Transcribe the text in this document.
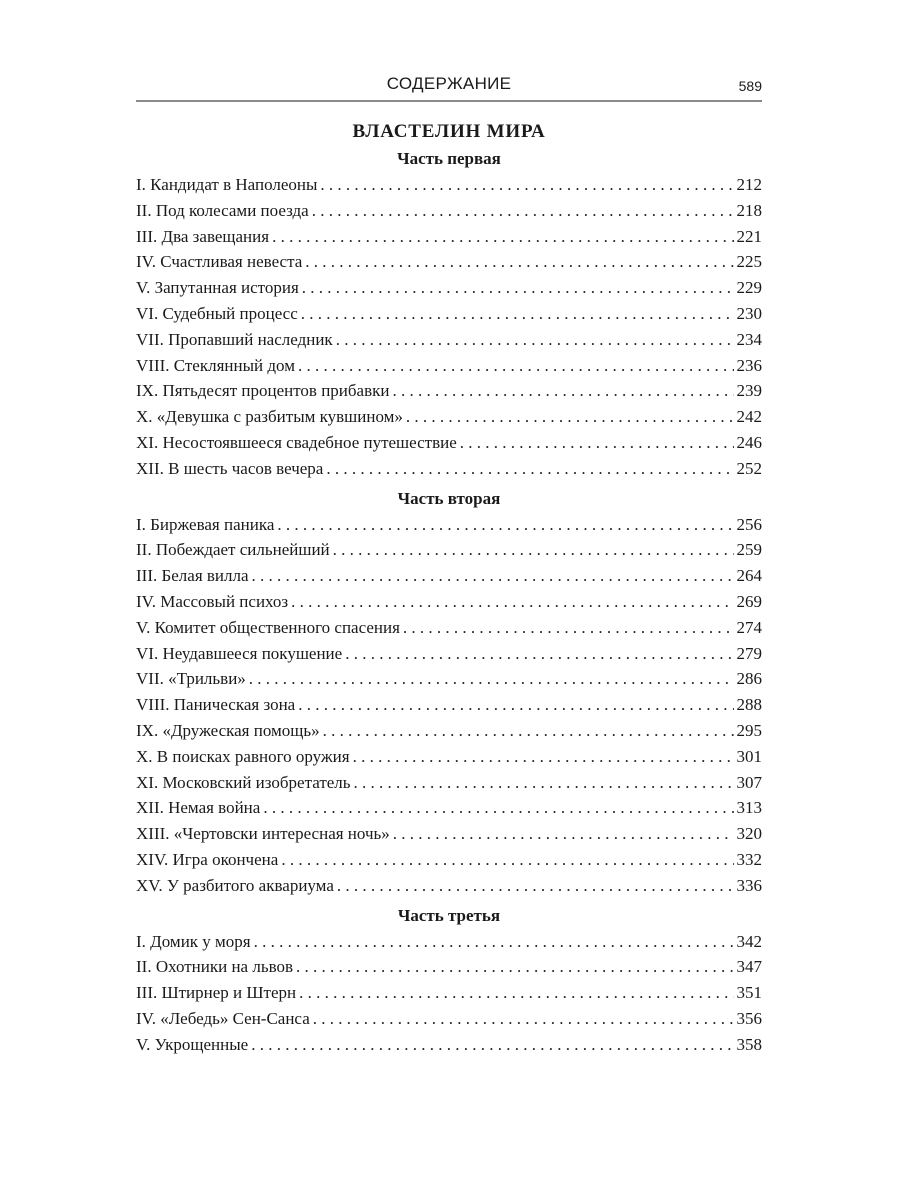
СОДЕРЖАНИЕ	589
ВЛАСТЕЛИН МИРА
Часть первая
I. Кандидат в Наполеоны . . .	212
II. Под колесами поезда . . .	218
III. Два завещания . . .	221
IV. Счастливая невеста . . .	225
V. Запутанная история . . .	229
VI. Судебный процесс . . .	230
VII. Пропавший наследник . . .	234
VIII. Стеклянный дом . . .	236
IX. Пятьдесят процентов прибавки . . .	239
X. «Девушка с разбитым кувшином» . . .	242
XI. Несостоявшееся свадебное путешествие . . .	246
XII. В шесть часов вечера . . .	252
Часть вторая
I. Биржевая паника . . .	256
II. Побеждает сильнейший . . .	259
III. Белая вилла . . .	264
IV. Массовый психоз . . .	269
V. Комитет общественного спасения . . .	274
VI. Неудавшееся покушение . . .	279
VII. «Трильви» . . .	286
VIII. Паническая зона . . .	288
IX. «Дружеская помощь» . . .	295
X. В поисках равного оружия . . .	301
XI. Московский изобретатель . . .	307
XII. Немая война . . .	313
XIII. «Чертовски интересная ночь» . . .	320
XIV. Игра окончена . . .	332
XV. У разбитого аквариума . . .	336
Часть третья
I. Домик у моря . . .	342
II. Охотники на львов . . .	347
III. Штирнер и Штерн . . .	351
IV. «Лебедь» Сен-Санса . . .	356
V. Укрощенные . . .	358
